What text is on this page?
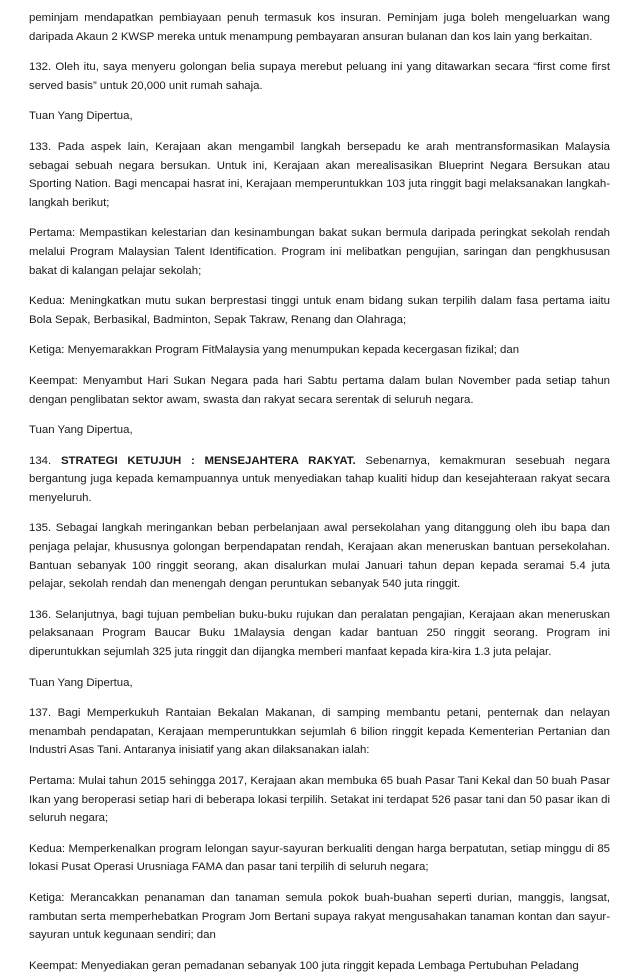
peminjam mendapatkan pembiayaan penuh termasuk kos insuran. Peminjam juga boleh mengeluarkan wang daripada Akaun 2 KWSP mereka untuk menampung pembayaran ansuran bulanan dan kos lain yang berkaitan.

132. Oleh itu, saya menyeru golongan belia supaya merebut peluang ini yang ditawarkan secara “first come first served basis” untuk 20,000 unit rumah sahaja.

Tuan Yang Dipertua,

133. Pada aspek lain, Kerajaan akan mengambil langkah bersepadu ke arah mentransformasikan Malaysia sebagai sebuah negara bersukan. Untuk ini, Kerajaan akan merealisasikan Blueprint Negara Bersukan atau Sporting Nation. Bagi mencapai hasrat ini, Kerajaan memperuntukkan 103 juta ringgit bagi melaksanakan langkah-langkah berikut;

Pertama: Mempastikan kelestarian dan kesinambungan bakat sukan bermula daripada peringkat sekolah rendah melalui Program Malaysian Talent Identification. Program ini melibatkan pengujian, saringan dan pengkhususan bakat di kalangan pelajar sekolah;

Kedua: Meningkatkan mutu sukan berprestasi tinggi untuk enam bidang sukan terpilih dalam fasa pertama iaitu Bola Sepak, Berbasikal, Badminton, Sepak Takraw, Renang dan Olahraga;

Ketiga: Menyemarakkan Program FitMalaysia yang menumpukan kepada kecergasan fizikal; dan

Keempat: Menyambut Hari Sukan Negara pada hari Sabtu pertama dalam bulan November pada setiap tahun dengan penglibatan sektor awam, swasta dan rakyat secara serentak di seluruh negara.

Tuan Yang Dipertua,

134. STRATEGI KETUJUH : MENSEJAHTERA RAKYAT. Sebenarnya, kemakmuran sesebuah negara bergantung juga kepada kemampuannya untuk menyediakan tahap kualiti hidup dan kesejahteraan rakyat secara menyeluruh.

135. Sebagai langkah meringankan beban perbelanjaan awal persekolahan yang ditanggung oleh ibu bapa dan penjaga pelajar, khususnya golongan berpendapatan rendah, Kerajaan akan meneruskan bantuan persekolahan. Bantuan sebanyak 100 ringgit seorang, akan disalurkan mulai Januari tahun depan kepada seramai 5.4 juta pelajar, sekolah rendah dan menengah dengan peruntukan sebanyak 540 juta ringgit.

136. Selanjutnya, bagi tujuan pembelian buku-buku rujukan dan peralatan pengajian, Kerajaan akan meneruskan pelaksanaan Program Baucar Buku 1Malaysia dengan kadar bantuan 250 ringgit seorang. Program ini diperuntukkan sejumlah 325 juta ringgit dan dijangka memberi manfaat kepada kira-kira 1.3 juta pelajar.

Tuan Yang Dipertua,

137. Bagi Memperkukuh Rantaian Bekalan Makanan, di samping membantu petani, penternak dan nelayan menambah pendapatan, Kerajaan memperuntukkan sejumlah 6 bilion ringgit kepada Kementerian Pertanian dan Industri Asas Tani. Antaranya inisiatif yang akan dilaksanakan ialah:

Pertama: Mulai tahun 2015 sehingga 2017, Kerajaan akan membuka 65 buah Pasar Tani Kekal dan 50 buah Pasar Ikan yang beroperasi setiap hari di beberapa lokasi terpilih. Setakat ini terdapat 526 pasar tani dan 50 pasar ikan di seluruh negara;

Kedua: Memperkenalkan program lelongan sayur-sayuran berkualiti dengan harga berpatutan, setiap minggu di 85 lokasi Pusat Operasi Urusniaga FAMA dan pasar tani terpilih di seluruh negara;

Ketiga: Merancakkan penanaman dan tanaman semula pokok buah-buahan seperti durian, manggis, langsat, rambutan serta memperhebatkan Program Jom Bertani supaya rakyat mengusahakan tanaman kontan dan sayur-sayuran untuk kegunaan sendiri; dan

Keempat: Menyediakan geran pemadanan sebanyak 100 juta ringgit kepada Lembaga Pertubuhan Peladang
